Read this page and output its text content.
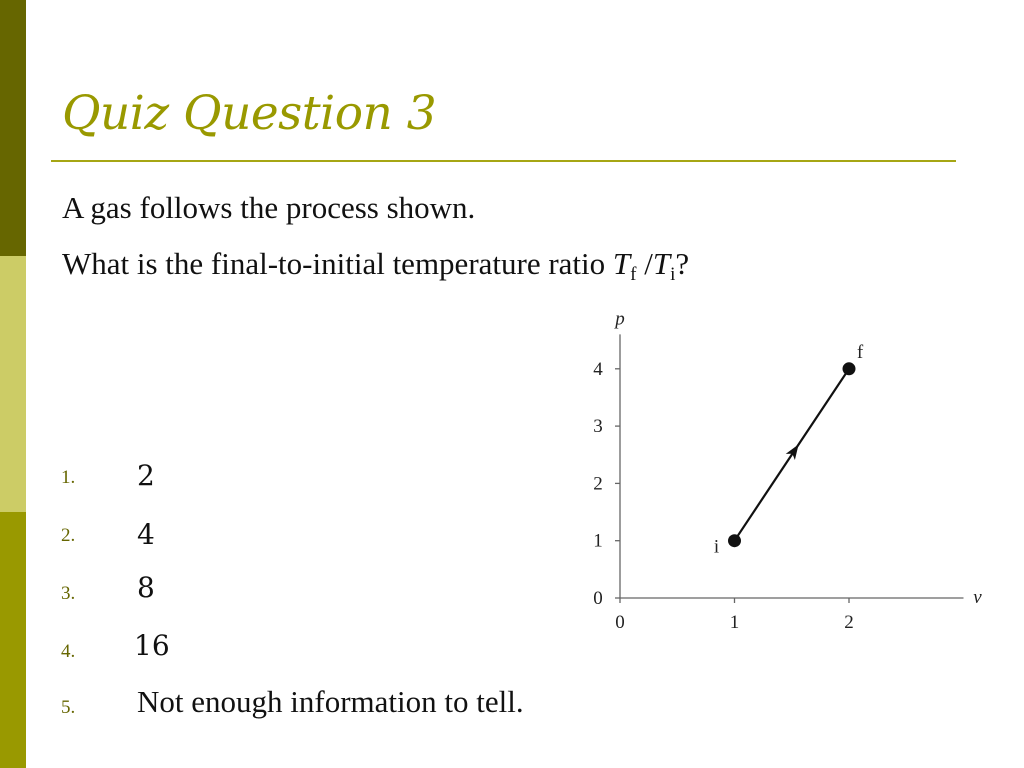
Quiz Question 3
A gas follows the process shown.
What is the final-to-initial temperature ratio $T_f$ $/T_i$?
1. 2
2. 4
3. 8
4. 16
5. Not enough information to tell.
p
v
0
1
2
3
4
0	1	2
i
f
